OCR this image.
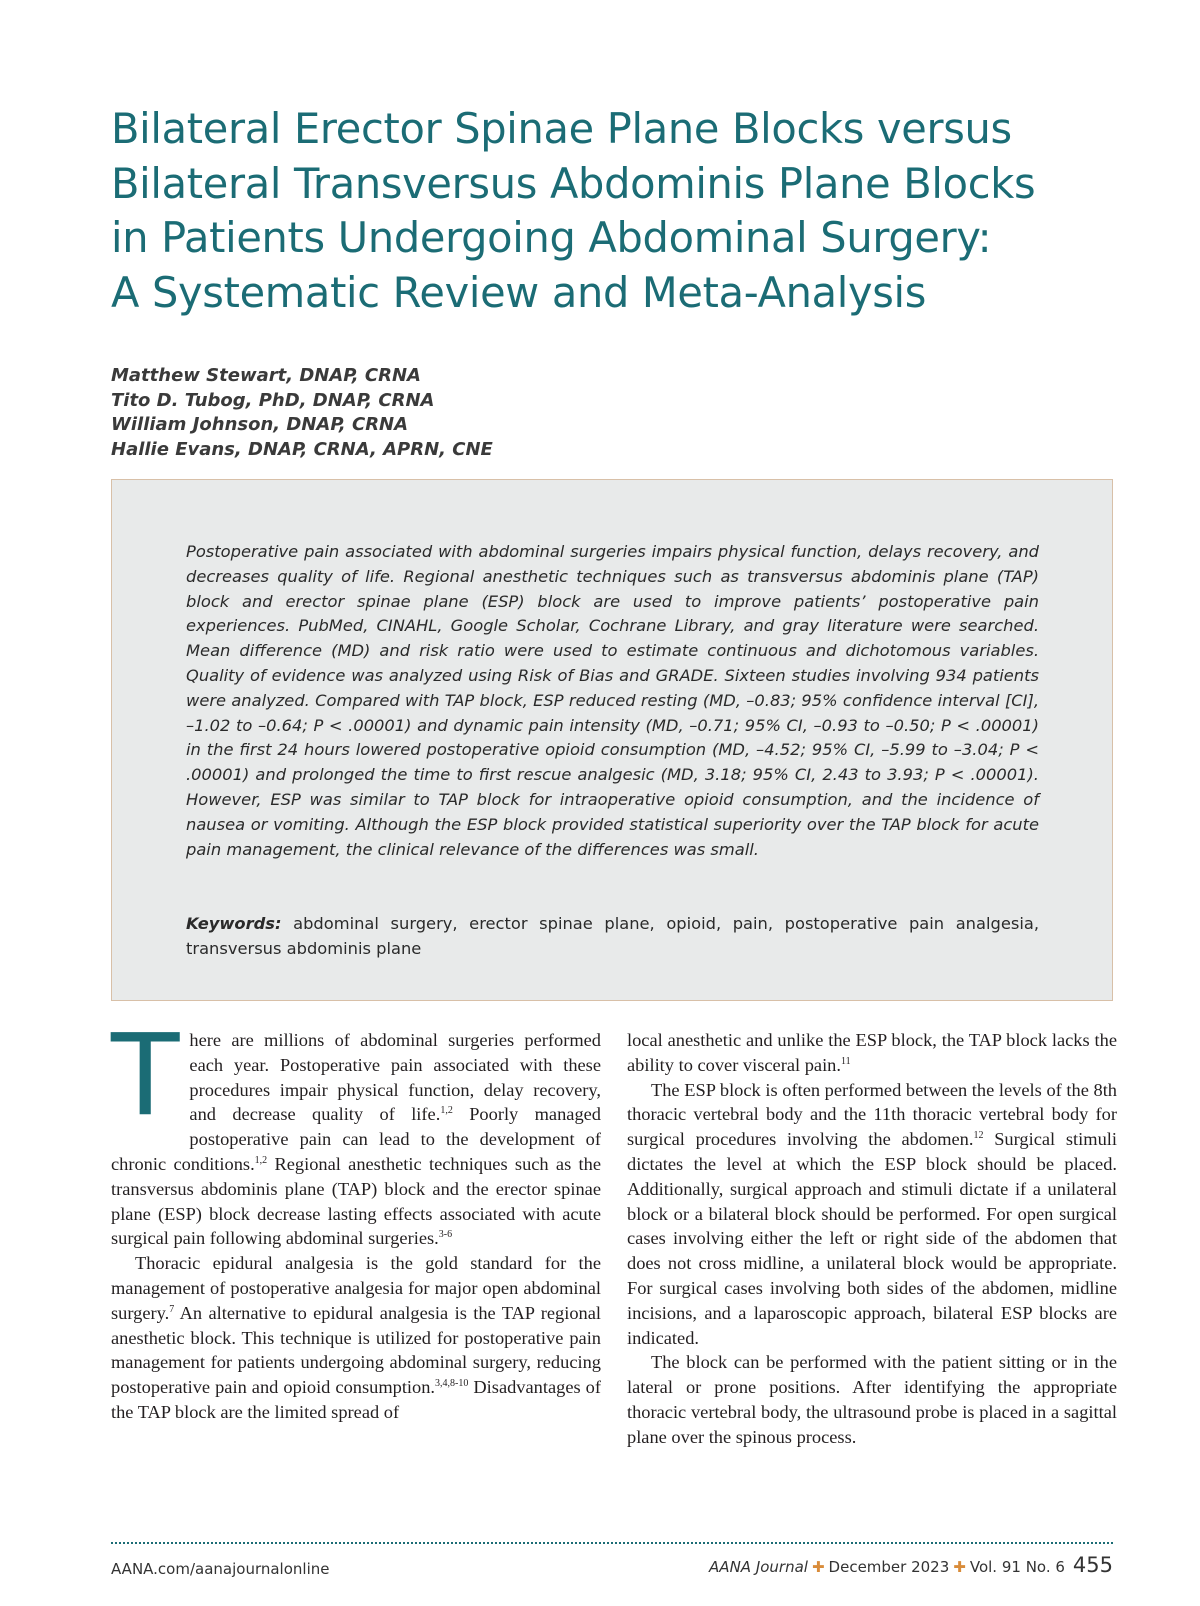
Bilateral Erector Spinae Plane Blocks versus
Bilateral Transversus Abdominis Plane Blocks
in Patients Undergoing Abdominal Surgery:
A Systematic Review and Meta-Analysis
Matthew Stewart, DNAP, CRNA
Tito D. Tubog, PhD, DNAP, CRNA
William Johnson, DNAP, CRNA
Hallie Evans, DNAP, CRNA, APRN, CNE

Postoperative pain associated with abdominal surgeries impairs physical function, delays recovery, and decreases quality of life. Regional anesthetic techniques such as transversus abdominis plane (TAP) block and erector spinae plane (ESP) block are used to improve patients’ postoperative pain experiences. PubMed, CINAHL, Google Scholar, Cochrane Library, and gray literature were searched. Mean difference (MD) and risk ratio were used to estimate continuous and dichotomous variables. Quality of evidence was analyzed using Risk of Bias and GRADE. Sixteen studies involving 934 patients were analyzed. Compared with TAP block, ESP reduced resting (MD, –0.83; 95% confidence interval [CI], –1.02 to –0.64; P < .00001) and dynamic pain intensity (MD, –0.71; 95% CI, –0.93 to –0.50; P < .00001) in the first 24 hours lowered postoperative opioid consumption (MD, –4.52; 95% CI, –5.99 to –3.04; P < .00001) and prolonged the time to first rescue analgesic (MD, 3.18; 95% CI, 2.43 to 3.93; P < .00001). However, ESP was similar to TAP block for intraoperative opioid consumption, and the incidence of nausea or vomiting. Although the ESP block provided statistical superiority over the TAP block for acute pain management, the clinical relevance of the differences was small.

Keywords: abdominal surgery, erector spinae plane, opioid, pain, postoperative pain analgesia, transversus abdominis plane

There are millions of abdominal surgeries performed each year. Postoperative pain associated with these procedures impair physical function, delay recovery, and decrease quality of life.$^{1,2}$ Poorly managed postoperative pain can lead to the development of chronic conditions.$^{1,2}$ Regional anesthetic techniques such as the transversus abdominis plane (TAP) block and the erector spinae plane (ESP) block decrease lasting effects associated with acute surgical pain following abdominal surgeries.$^{3-6}$

Thoracic epidural analgesia is the gold standard for the management of postoperative analgesia for major open abdominal surgery.$^7$ An alternative to epidural analgesia is the TAP regional anesthetic block. This technique is utilized for postoperative pain management for patients undergoing abdominal surgery, reducing postoperative pain and opioid consumption.$^{3,4,8-10}$ Disadvantages of the TAP block are the limited spread of

local anesthetic and unlike the ESP block, the TAP block lacks the ability to cover visceral pain.$^{11}$

The ESP block is often performed between the levels of the 8th thoracic vertebral body and the 11th thoracic vertebral body for surgical procedures involving the abdomen.$^{12}$ Surgical stimuli dictates the level at which the ESP block should be placed. Additionally, surgical approach and stimuli dictate if a unilateral block or a bilateral block should be performed. For open surgical cases involving either the left or right side of the abdomen that does not cross midline, a unilateral block would be appropriate. For surgical cases involving both sides of the abdomen, midline incisions, and a laparoscopic approach, bilateral ESP blocks are indicated.

The block can be performed with the patient sitting or in the lateral or prone positions. After identifying the appropriate thoracic vertebral body, the ultrasound probe is placed in a sagittal plane over the spinous process.

AANA.com/aanajournalonline	AANA Journal ✚ December 2023 ✚ Vol. 91 No. 6 455
